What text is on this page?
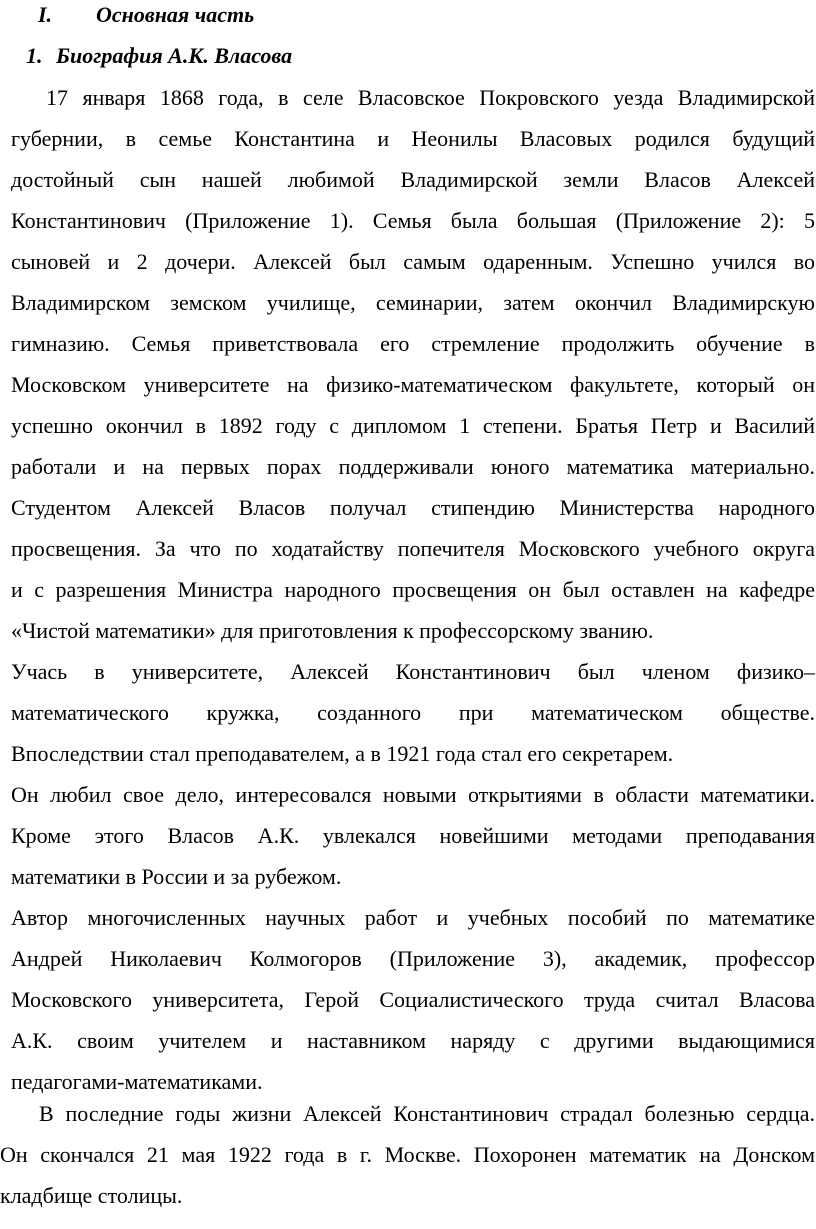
I. Основная часть
1. Биография А.К. Власова
17 января 1868 года, в селе Власовское Покровского уезда Владимирской
губернии, в семье Константина и Неонилы Власовых родился будущий
достойный сын нашей любимой Владимирской земли Власов Алексей
Константинович (Приложение 1). Семья была большая (Приложение 2): 5
сыновей и 2 дочери. Алексей был самым одаренным. Успешно учился во
Владимирском земском училище, семинарии, затем окончил Владимирскую
гимназию. Семья приветствовала его стремление продолжить обучение в
Московском университете на физико-математическом факультете, который он
успешно окончил в 1892 году с дипломом 1 степени. Братья Петр и Василий
работали и на первых порах поддерживали юного математика материально.
Студентом Алексей Власов получал стипендию Министерства народного
просвещения. За что по ходатайству попечителя Московского учебного округа
и с разрешения Министра народного просвещения он был оставлен на кафедре
«Чистой математики» для приготовления к профессорскому званию.
Учась в университете, Алексей Константинович был членом физико–
математического кружка, созданного при математическом обществе.
Впоследствии стал преподавателем, а в 1921 года стал его секретарем.
Он любил свое дело, интересовался новыми открытиями в области математики.
Кроме этого Власов А.К. увлекался новейшими методами преподавания
математики в России и за рубежом.
Автор многочисленных научных работ и учебных пособий по математике
Андрей Николаевич Колмогоров (Приложение 3), академик, профессор
Московского университета, Герой Социалистического труда считал Власова
А.К. своим учителем и наставником наряду с другими выдающимися
педагогами-математиками.
В последние годы жизни Алексей Константинович страдал болезнью сердца.
Он скончался 21 мая 1922 года в г. Москве. Похоронен математик на Донском
кладбище столицы.
